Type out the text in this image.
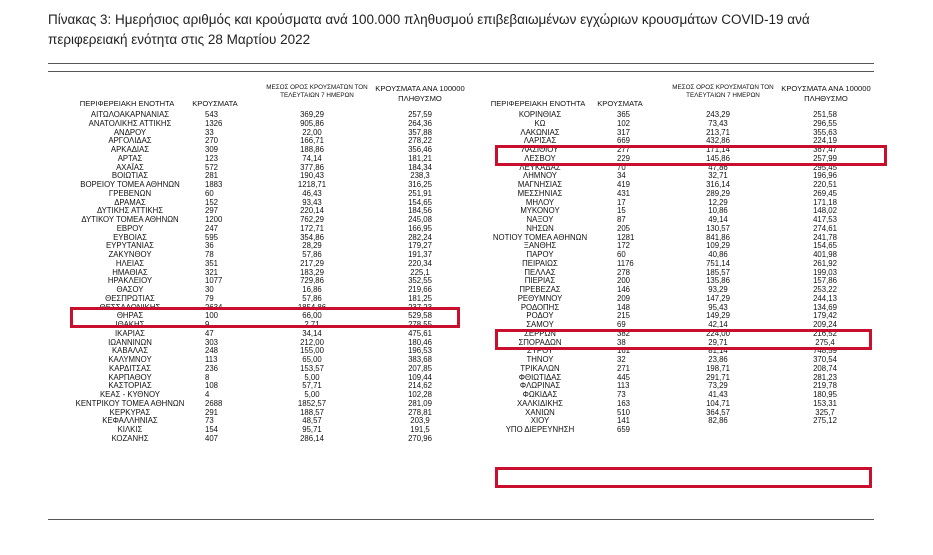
Πίνακας 3: Ημερήσιος αριθμός και κρούσματα ανά 100.000 πληθυσμού επιβεβαιωμένων εγχώριων κρουσμάτων COVID-19 ανά περιφερειακή ενότητα στις 28 Μαρτίου 2022
ΠΕΡΙΦΕΡΕΙΑΚΗ ΕΝΟΤΗΤΑ	ΚΡΟΥΣΜΑΤΑ
ΜΕΣΟΣ ΟΡΟΣ ΚΡΟΥΣΜΑΤΩΝ ΤΟΝ ΤΕΛΕΥΤΑΙΩΝ 7 ΗΜΕΡΩΝ
ΚΡΟΥΣΜΑΤΑ ΑΝΑ 100000 ΠΛΗΘΥΣΜΟ
ΠΕΡΙΦΕΡΕΙΑΚΗ ΕΝΟΤΗΤΑ	ΚΡΟΥΣΜΑΤΑ
ΜΕΣΟΣ ΟΡΟΣ ΚΡΟΥΣΜΑΤΩΝ ΤΟΝ ΤΕΛΕΥΤΑΙΩΝ 7 ΗΜΕΡΩΝ
ΚΡΟΥΣΜΑΤΑ ΑΝΑ 100000 ΠΛΗΘΥΣΜΟ
ΑΙΤΩΛΟΑΚΑΡΝΑΝΙΑΣ	543	369,29	257,59
ΑΝΑΤΟΛΙΚΗΣ ΑΤΤΙΚΗΣ	1326	905,86	264,36
ΑΝΔΡΟΥ	33	22,00	357,88
ΑΡΓΟΛΙΔΑΣ	270	166,71	278,22
ΑΡΚΑΔΙΑΣ	309	188,86	356,46
ΑΡΤΑΣ	123	74,14	181,21
ΑΧΑΪΑΣ	572	377,86	184,34
ΒΟΙΩΤΙΑΣ	281	190,43	238,3
ΒΟΡΕΙΟΥ ΤΟΜΕΑ ΑΘΗΝΩΝ	1883	1218,71	316,25
ΓΡΕΒΕΝΩΝ	60	46,43	251,91
ΔΡΑΜΑΣ	152	93,43	154,65
ΔΥΤΙΚΗΣ ΑΤΤΙΚΗΣ	297	220,14	184,56
ΔΥΤΙΚΟΥ ΤΟΜΕΑ ΑΘΗΝΩΝ	1200	762,29	245,08
ΕΒΡΟΥ	247	172,71	166,95
ΕΥΒΟΙΑΣ	595	354,86	282,24
ΕΥΡΥΤΑΝΙΑΣ	36	28,29	179,27
ΖΑΚΥΝΘΟΥ	78	57,86	191,37
ΗΛΕΙΑΣ	351	217,29	220,34
ΗΜΑΘΙΑΣ	321	183,29	225,1
ΗΡΑΚΛΕΙΟΥ	1077	729,86	352,55
ΘΑΣΟΥ	30	16,86	219,66
ΘΕΣΠΡΩΤΙΑΣ	79	57,86	181,25
ΘΕΣΣΑΛΟΝΙΚΗΣ	2634	1854,86	237,23
ΘΗΡΑΣ	100	66,00	529,58
ΙΘΑΚΗΣ	9	2,71	278,55
ΙΚΑΡΙΑΣ	47	34,14	475,61
ΙΩΑΝΝΙΝΩΝ	303	212,00	180,46
ΚΑΒΑΛΑΣ	248	155,00	196,53
ΚΑΛΥΜΝΟΥ	113	65,00	383,68
ΚΑΡΔΙΤΣΑΣ	236	153,57	207,85
ΚΑΡΠΑΘΟΥ	8	5,00	109,44
ΚΑΣΤΟΡΙΑΣ	108	57,71	214,62
ΚΕΑΣ - ΚΥΘΝΟΥ	4	5,00	102,28
ΚΕΝΤΡΙΚΟΥ ΤΟΜΕΑ ΑΘΗΝΩΝ	2688	1852,57	281,09
ΚΕΡΚΥΡΑΣ	291	188,57	278,81
ΚΕΦΑΛΛΗΝΙΑΣ	73	48,57	203,9
ΚΙΛΚΙΣ	154	95,71	191,5
ΚΟΖΑΝΗΣ	407	286,14	270,96
ΚΟΡΙΝΘΙΑΣ	365	243,29	251,58
ΚΩ	102	73,43	296,55
ΛΑΚΩΝΙΑΣ	317	213,71	355,63
ΛΑΡΙΣΑΣ	669	432,86	224,19
ΛΑΣΙΘΙΟΥ	277	171,14	367,47
ΛΕΣΒΟΥ	229	145,86	257,99
ΛΕΥΚΑΔΑΣ	70	47,86	295,45
ΛΗΜΝΟΥ	34	32,71	196,96
ΜΑΓΝΗΣΙΑΣ	419	316,14	220,51
ΜΕΣΣΗΝΙΑΣ	431	289,29	269,45
ΜΗΛΟΥ	17	12,29	171,18
ΜΥΚΟΝΟΥ	15	10,86	148,02
ΝΑΞΟΥ	87	49,14	417,53
ΝΗΣΩΝ	205	130,57	274,61
ΝΟΤΙΟΥ ΤΟΜΕΑ ΑΘΗΝΩΝ	1281	841,86	241,78
ΞΑΝΘΗΣ	172	109,29	154,65
ΠΑΡΟΥ	60	40,86	401,98
ΠΕΙΡΑΙΩΣ	1176	751,14	261,92
ΠΕΛΛΑΣ	278	185,57	199,03
ΠΙΕΡΙΑΣ	200	135,86	157,86
ΠΡΕΒΕΖΑΣ	146	93,29	253,22
ΡΕΘΥΜΝΟΥ	209	147,29	244,13
ΡΟΔΟΠΗΣ	148	95,43	134,69
ΡΟΔΟΥ	215	149,29	179,42
ΣΑΜΟΥ	69	42,14	209,24
ΣΕΡΡΩΝ	382	224,00	216,52
ΣΠΟΡΑΔΩΝ	38	29,71	275,4
ΣΥΡΟΥ	161	81,14	748,59
ΤΗΝΟΥ	32	23,86	370,54
ΤΡΙΚΑΛΩΝ	271	198,71	208,74
ΦΘΙΩΤΙΔΑΣ	445	291,71	281,23
ΦΛΩΡΙΝΑΣ	113	73,29	219,78
ΦΩΚΙΔΑΣ	73	41,43	180,95
ΧΑΛΚΙΔΙΚΗΣ	163	104,71	153,31
ΧΑΝΙΩΝ	510	364,57	325,7
ΧΙΟΥ	141	82,86	275,12
ΥΠΟ ΔΙΕΡΕΥΝΗΣΗ	659
